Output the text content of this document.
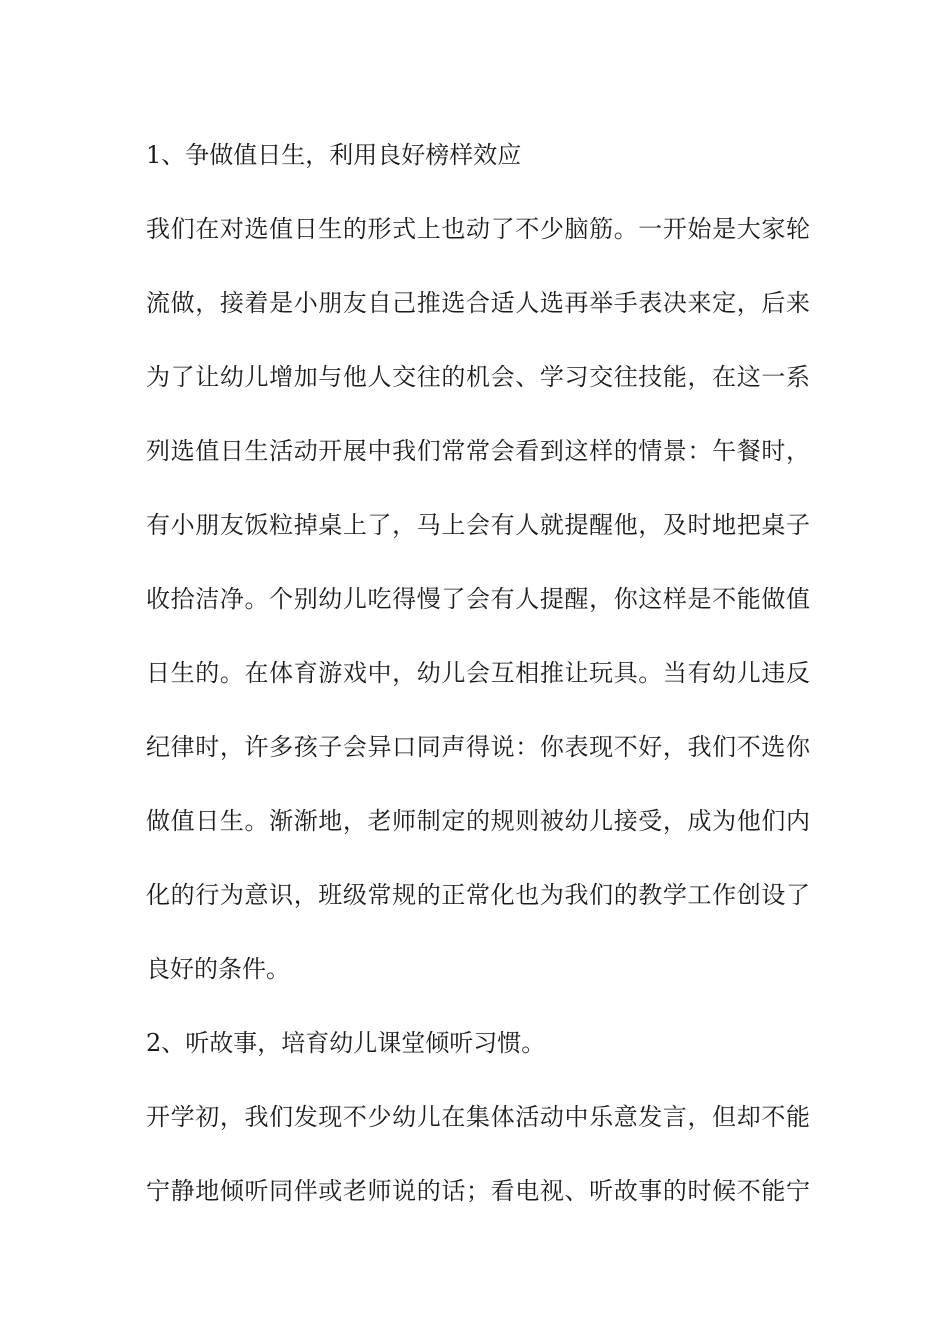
1、争做值日生，利用良好榜样效应
我们在对选值日生的形式上也动了不少脑筋。一开始是大家轮
流做，接着是小朋友自己推选合适人选再举手表决来定，后来
为了让幼儿增加与他人交往的机会、学习交往技能，在这一系
列选值日生活动开展中我们常常会看到这样的情景：午餐时，
有小朋友饭粒掉桌上了，马上会有人就提醒他，及时地把桌子
收拾洁净。个别幼儿吃得慢了会有人提醒，你这样是不能做值
日生的。在体育游戏中，幼儿会互相推让玩具。当有幼儿违反
纪律时，许多孩子会异口同声得说：你表现不好，我们不选你
做值日生。渐渐地，老师制定的规则被幼儿接受，成为他们内
化的行为意识，班级常规的正常化也为我们的教学工作创设了
良好的条件。
2、听故事，培育幼儿课堂倾听习惯。
开学初，我们发现不少幼儿在集体活动中乐意发言，但却不能
宁静地倾听同伴或老师说的话；看电视、听故事的时候不能宁
